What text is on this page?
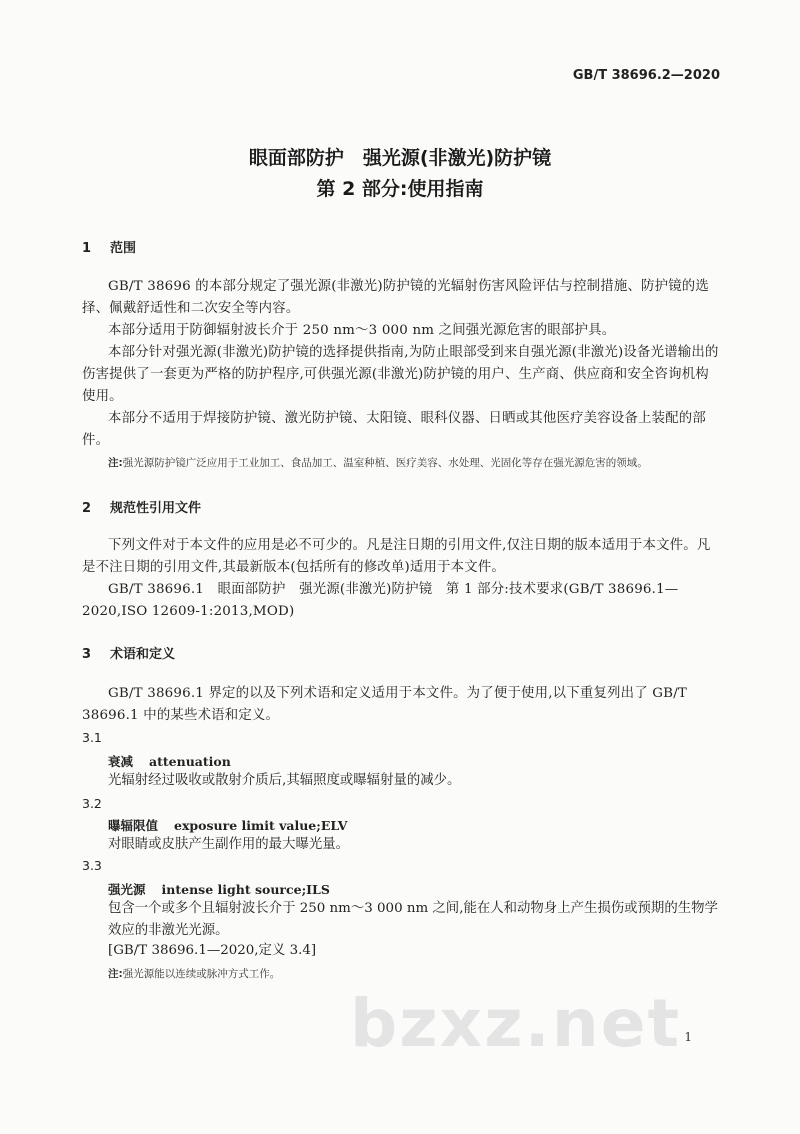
GB/T 38696.2—2020
眼面部防护　强光源(非激光)防护镜
第 2 部分:使用指南
1 范围
GB/T 38696 的本部分规定了强光源(非激光)防护镜的光辐射伤害风险评估与控制措施、防护镜的选择、佩戴舒适性和二次安全等内容。
本部分适用于防御辐射波长介于 250 nm～3 000 nm 之间强光源危害的眼部护具。
本部分针对强光源(非激光)防护镜的选择提供指南,为防止眼部受到来自强光源(非激光)设备光谱输出的伤害提供了一套更为严格的防护程序,可供强光源(非激光)防护镜的用户、生产商、供应商和安全咨询机构使用。
本部分不适用于焊接防护镜、激光防护镜、太阳镜、眼科仪器、日晒或其他医疗美容设备上装配的部件。
注:强光源防护镜广泛应用于工业加工、食品加工、温室种植、医疗美容、水处理、光固化等存在强光源危害的领域。
2 规范性引用文件
下列文件对于本文件的应用是必不可少的。凡是注日期的引用文件,仅注日期的版本适用于本文件。凡是不注日期的引用文件,其最新版本(包括所有的修改单)适用于本文件。
GB/T 38696.1　眼面部防护　强光源(非激光)防护镜　第 1 部分:技术要求(GB/T 38696.1—2020,ISO 12609-1:2013,MOD)
3 术语和定义
GB/T 38696.1 界定的以及下列术语和定义适用于本文件。为了便于使用,以下重复列出了 GB/T 38696.1 中的某些术语和定义。
3.1
衰减 attenuation
光辐射经过吸收或散射介质后,其辐照度或曝辐射量的减少。
3.2
曝辐限值 exposure limit value;ELV
对眼睛或皮肤产生副作用的最大曝光量。
3.3
强光源 intense light source;ILS
包含一个或多个且辐射波长介于 250 nm～3 000 nm 之间,能在人和动物身上产生损伤或预期的生物学效应的非激光光源。
[GB/T 38696.1—2020,定义 3.4]
注:强光源能以连续或脉冲方式工作。
bzxz.net 1
